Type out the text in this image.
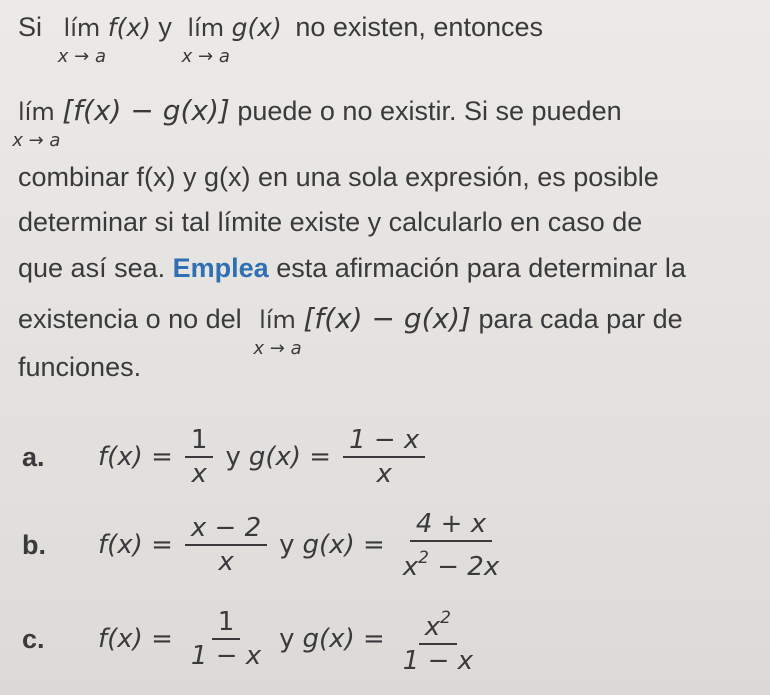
Si lím
x → a
f(x) y lím
x → a
g(x) no existen, entonces
lím
x → a
[f(x) − g(x)] puede o no existir. Si se pueden
combinar f(x) y g(x) en una sola expresión, es posible
determinar si tal límite existe y calcularlo en caso de
que así sea. Emplea esta afirmación para determinar la
existencia o no del lím
x → a
[f(x) − g(x)] para cada par de
funciones.
a.	$f(x) = \frac{1}{x}$ y $g(x) = \frac{1 - x}{x}$
b.	$f(x) = \frac{x - 2}{x}$ y $g(x) = \frac{4 + x}{x^2 - 2x}$
c.	$f(x) = \frac{1}{1 - x}$ y $g(x) = \frac{x^2}{1 - x}$
